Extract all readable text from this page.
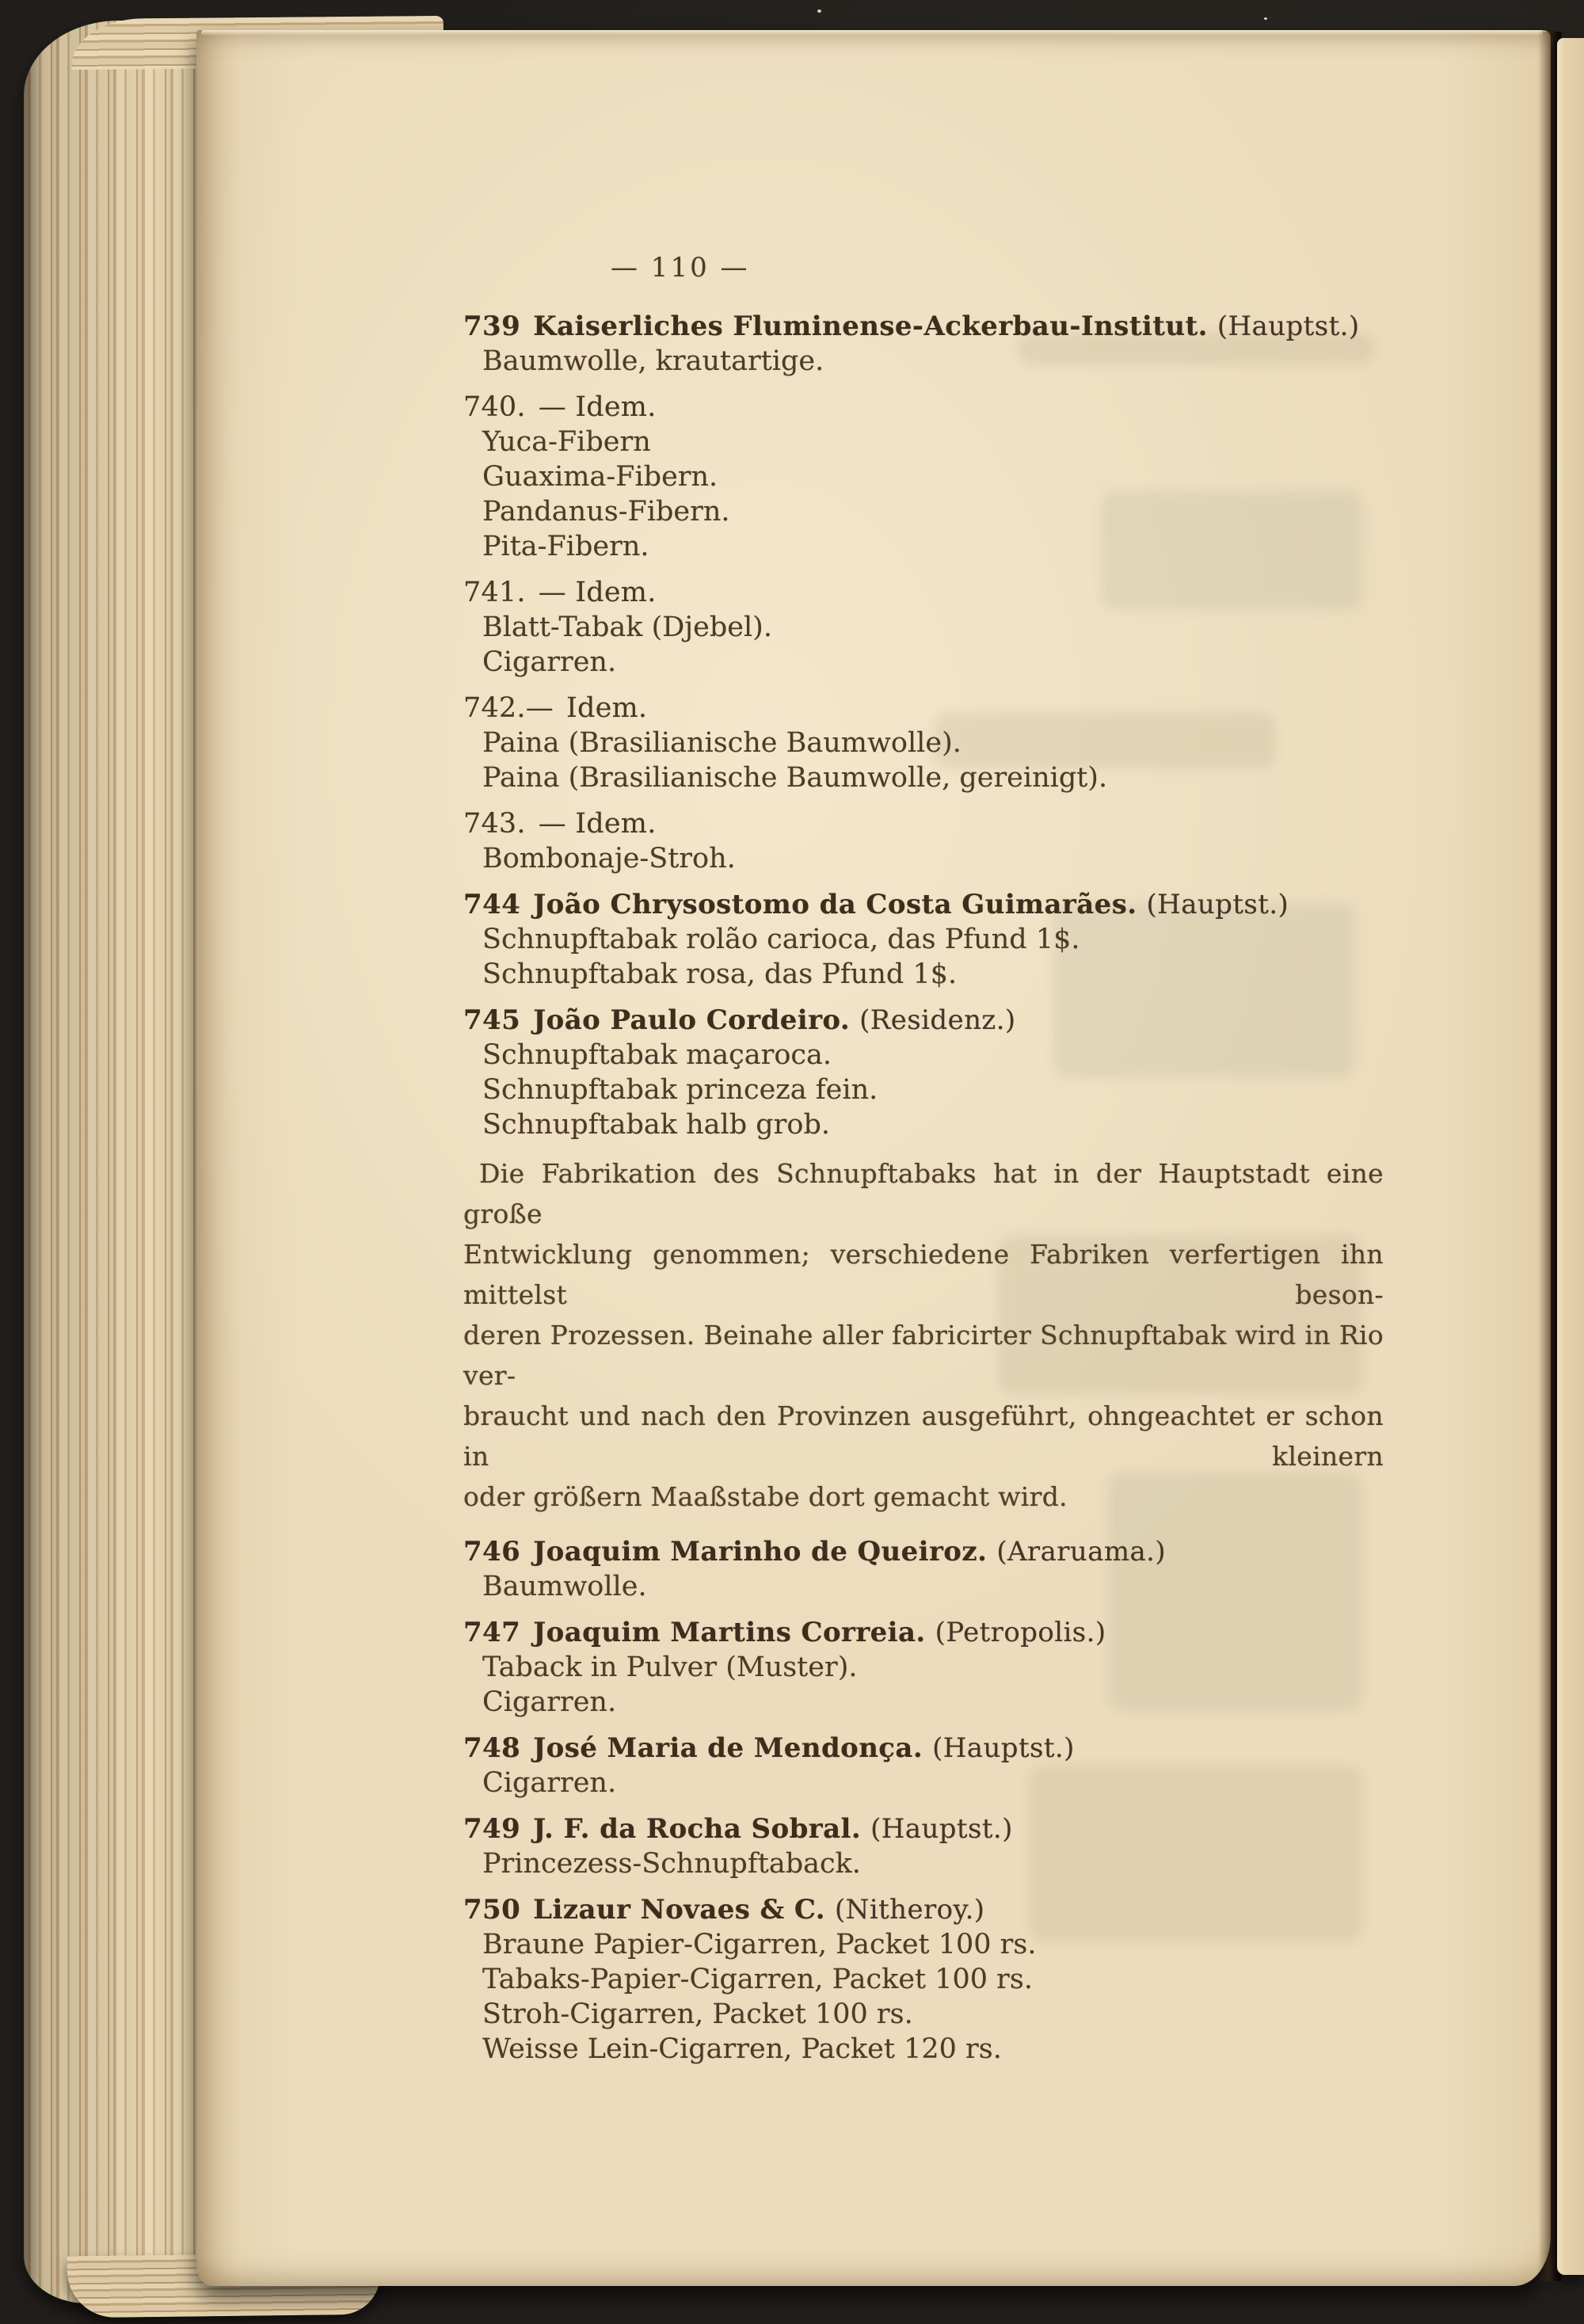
— 110 —
739 Kaiserliches Fluminense-Ackerbau-Institut. (Hauptst.)
Baumwolle, krautartige.
740. — Idem.
Yuca-Fibern
Guaxima-Fibern.
Pandanus-Fibern.
Pita-Fibern.
741. — Idem.
Blatt-Tabak (Djebel).
Cigarren.
742.— Idem.
Paina (Brasilianische Baumwolle).
Paina (Brasilianische Baumwolle, gereinigt).
743. — Idem.
Bombonaje-Stroh.
744 João Chrysostomo da Costa Guimarães. (Hauptst.)
Schnupftabak rolão carioca, das Pfund 1$.
Schnupftabak rosa, das Pfund 1$.
745 João Paulo Cordeiro. (Residenz.)
Schnupftabak maçaroca.
Schnupftabak princeza fein.
Schnupftabak halb grob.
Die Fabrikation des Schnupftabaks hat in der Hauptstadt eine große
Entwicklung genommen; verschiedene Fabriken verfertigen ihn mittelst beson-
deren Prozessen. Beinahe aller fabricirter Schnupftabak wird in Rio ver-
braucht und nach den Provinzen ausgeführt, ohngeachtet er schon in kleinern
oder größern Maaßstabe dort gemacht wird.
746 Joaquim Marinho de Queiroz. (Araruama.)
Baumwolle.
747 Joaquim Martins Correia. (Petropolis.)
Taback in Pulver (Muster).
Cigarren.
748 José Maria de Mendonça. (Hauptst.)
Cigarren.
749 J. F. da Rocha Sobral. (Hauptst.)
Princezess-Schnupftaback.
750 Lizaur Novaes & C. (Nitheroy.)
Braune Papier-Cigarren, Packet 100 rs.
Tabaks-Papier-Cigarren, Packet 100 rs.
Stroh-Cigarren, Packet 100 rs.
Weisse Lein-Cigarren, Packet 120 rs.
